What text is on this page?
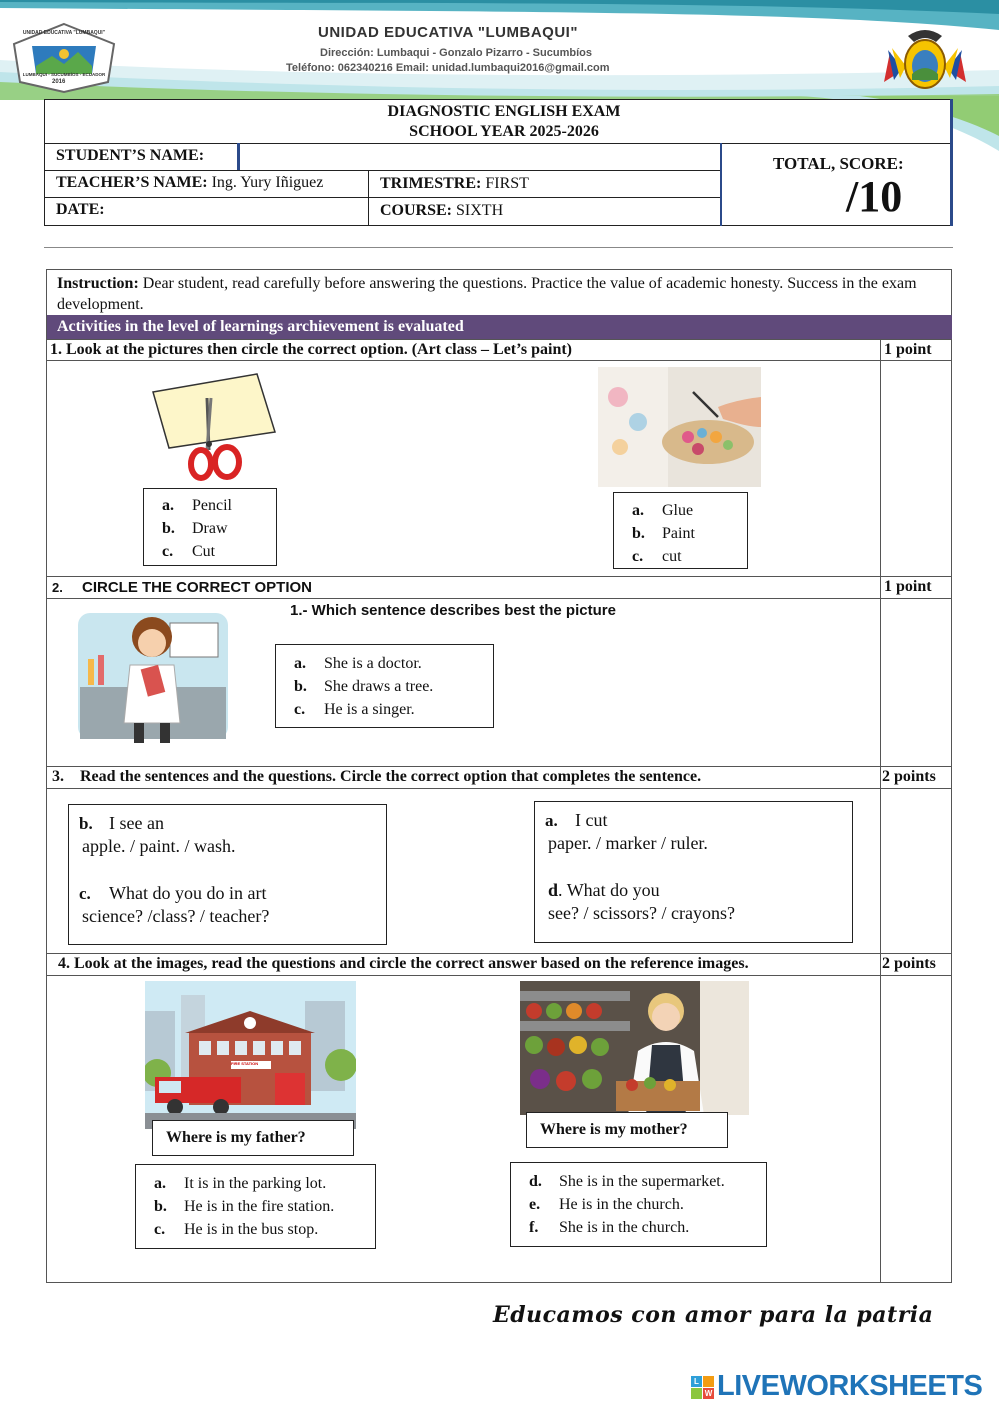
UNIDAD EDUCATIVA "LUMBAQUI"
LUMBAQUI - SUCUMBÍOS - ECUADOR
2016
UNIDAD EDUCATIVA "LUMBAQUI"
Dirección: Lumbaqui - Gonzalo Pizarro - Sucumbíos
Teléfono: 062340216 Email: unidad.lumbaqui2016@gmail.com
DIAGNOSTIC ENGLISH EXAM
SCHOOL YEAR 2025-2026
STUDENT’S NAME:
TEACHER’S NAME: Ing. Yury Iñiguez	TRIMESTRE: FIRST
DATE:	COURSE: SIXTH
TOTAL, SCORE:
/10
Instruction: Dear student, read carefully before answering the questions. Practice the value of academic honesty. Success in the exam development.
Activities in the level of learnings archievement is evaluated
1. Look at the pictures then circle the correct option. (Art class – Let’s paint)	1 point
a. Pencil
b. Draw
c. Cut
a. Glue
b. Paint
c. cut
2. CIRCLE THE CORRECT OPTION	1 point
1.- Which sentence describes best the picture
a. She is a doctor.
b. She draws a tree.
c. He is a singer.
3.    Read the sentences and the questions. Circle the correct option that completes the sentence.	2 points
b. I see an
apple. / paint. / wash.
c. What do you do in art
science? /class? / teacher?
a. I cut
paper. / marker / ruler.
d. What do you
see? / scissors? / crayons?
4. Look at the images, read the questions and circle the correct answer based on the reference images.	2 points
FIRE STATION
Where is my father?
a. It is in the parking lot.
b. He is in the fire station.
c. He is in the bus stop.
Where is my mother?
d. She is in the supermarket.
e. He is in the church.
f. She is in the church.
Educamos con amor para la patria
L
W LIVEWORKSHEETS
